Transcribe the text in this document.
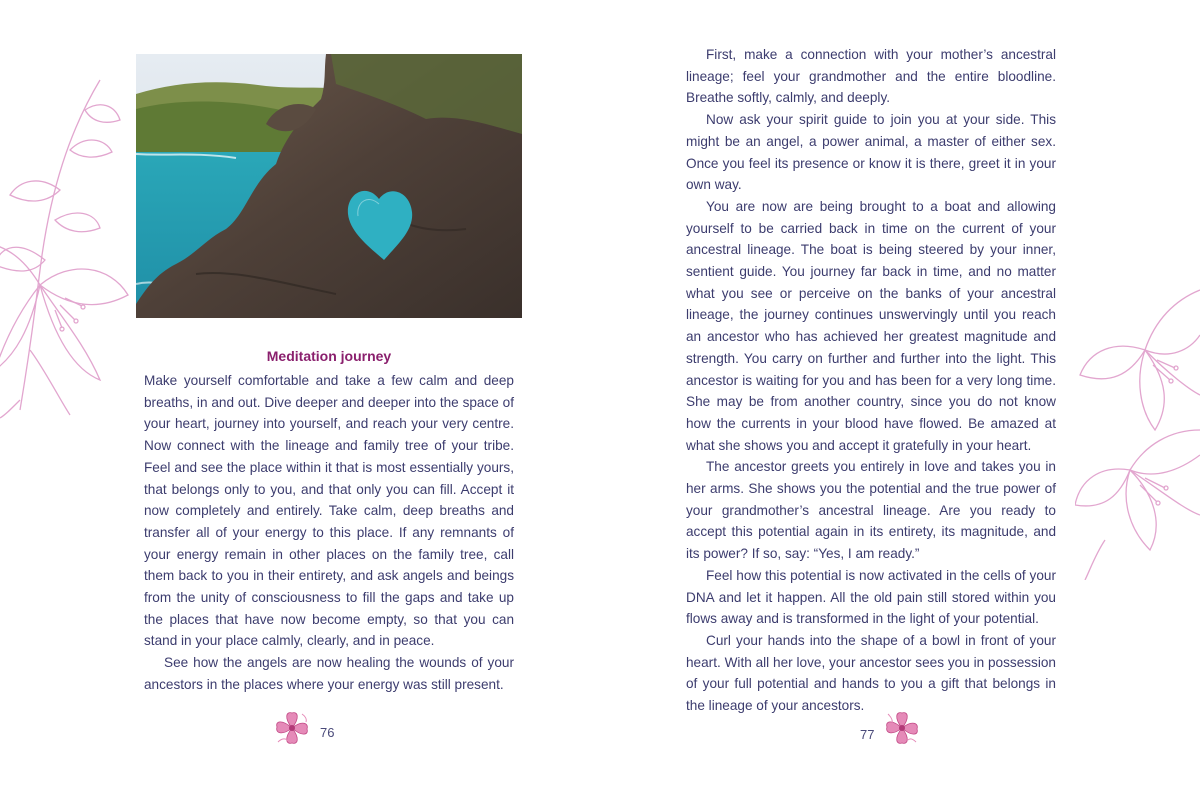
Meditation journey

Make yourself comfortable and take a few calm and deep breaths, in and out. Dive deeper and deeper into the space of your heart, journey into yourself, and reach your very centre. Now connect with the lineage and family tree of your tribe. Feel and see the place within it that is most essentially yours, that belongs only to you, and that only you can fill. Accept it now completely and entirely. Take calm, deep breaths and transfer all of your energy to this place. If any remnants of your energy remain in other places on the family tree, call them back to you in their entirety, and ask angels and beings from the unity of consciousness to fill the gaps and take up the places that have now become empty, so that you can stand in your place calmly, clearly, and in peace.

See how the angels are now healing the wounds of your ancestors in the places where your energy was still present.

First, make a connection with your mother’s ancestral lineage; feel your grandmother and the entire bloodline. Breathe softly, calmly, and deeply.

Now ask your spirit guide to join you at your side. This might be an angel, a power animal, a master of either sex. Once you feel its presence or know it is there, greet it in your own way.

You are now are being brought to a boat and allowing yourself to be carried back in time on the current of your ancestral lineage. The boat is being steered by your inner, sentient guide. You journey far back in time, and no matter what you see or perceive on the banks of your ancestral lineage, the journey continues unswervingly until you reach an ancestor who has achieved her greatest magnitude and strength. You carry on further and further into the light. This ancestor is waiting for you and has been for a very long time. She may be from another country, since you do not know how the currents in your blood have flowed. Be amazed at what she shows you and accept it gratefully in your heart.

The ancestor greets you entirely in love and takes you in her arms. She shows you the potential and the true power of your grandmother’s ancestral lineage. Are you ready to accept this potential again in its entirety, its magnitude, and its power? If so, say: “Yes, I am ready.”

Feel how this potential is now activated in the cells of your DNA and let it happen. All the old pain still stored within you flows away and is transformed in the light of your potential.

Curl your hands into the shape of a bowl in front of your heart. With all her love, your ancestor sees you in possession of your full potential and hands to you a gift that belongs in the lineage of your ancestors.

76	77
